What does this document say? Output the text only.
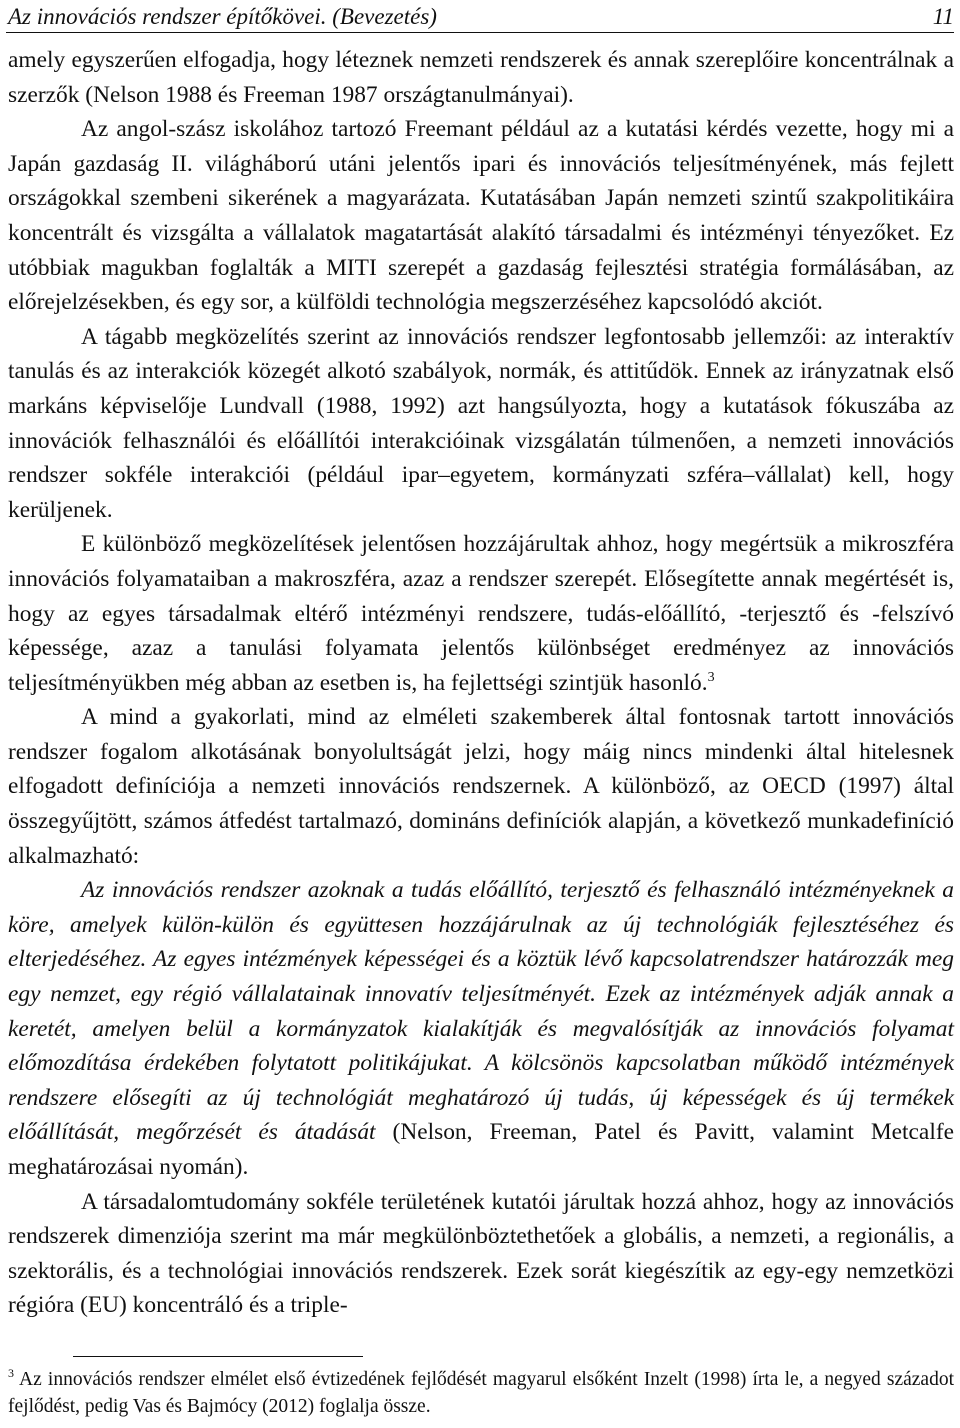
Az innovációs rendszer építőkövei. (Bevezetés)	11

amely egyszerűen elfogadja, hogy léteznek nemzeti rendszerek és annak szereplőire koncentrálnak a szerzők (Nelson 1988 és Freeman 1987 országtanulmányai).

Az angol-szász iskolához tartozó Freemant például az a kutatási kérdés vezette, hogy mi a Japán gazdaság II. világháború utáni jelentős ipari és innovációs teljesítményének, más fejlett országokkal szembeni sikerének a magyarázata. Kutatásában Japán nemzeti szintű szakpolitikáira koncentrált és vizsgálta a vállalatok magatartását alakító társadalmi és intézményi tényezőket. Ez utóbbiak magukban foglalták a MITI szerepét a gazdaság fejlesztési stratégia formálásában, az előrejelzésekben, és egy sor, a külföldi technológia megszerzéséhez kapcsolódó akciót.

A tágabb megközelítés szerint az innovációs rendszer legfontosabb jellemzői: az interaktív tanulás és az interakciók közegét alkotó szabályok, normák, és attitűdök. Ennek az irányzatnak első markáns képviselője Lundvall (1988, 1992) azt hangsúlyozta, hogy a kutatások fókuszába az innovációk felhasználói és előállítói interakcióinak vizsgálatán túlmenően, a nemzeti innovációs rendszer sokféle interakciói (például ipar–egyetem, kormányzati szféra–vállalat) kell, hogy kerüljenek.

E különböző megközelítések jelentősen hozzájárultak ahhoz, hogy megértsük a mikroszféra innovációs folyamataiban a makroszféra, azaz a rendszer szerepét. Elősegítette annak megértését is, hogy az egyes társadalmak eltérő intézményi rendszere, tudás-előállító, -terjesztő és -felszívó képessége, azaz a tanulási folyamata jelentős különbséget eredményez az innovációs teljesítményükben még abban az esetben is, ha fejlettségi szintjük hasonló.$^3$

A mind a gyakorlati, mind az elméleti szakemberek által fontosnak tartott innovációs rendszer fogalom alkotásának bonyolultságát jelzi, hogy máig nincs mindenki által hitelesnek elfogadott definíciója a nemzeti innovációs rendszernek. A különböző, az OECD (1997) által összegyűjtött, számos átfedést tartalmazó, domináns definíciók alapján, a következő munkadefiníció alkalmazható:

Az innovációs rendszer azoknak a tudás előállító, terjesztő és felhasználó intézményeknek a köre, amelyek külön-külön és együttesen hozzájárulnak az új technológiák fejlesztéséhez és elterjedéséhez. Az egyes intézmények képességei és a köztük lévő kapcsolatrendszer határozzák meg egy nemzet, egy régió vállalatainak innovatív teljesítményét. Ezek az intézmények adják annak a keretét, amelyen belül a kormányzatok kialakítják és megvalósítják az innovációs folyamat előmozdítása érdekében folytatott politikájukat. A kölcsönös kapcsolatban működő intézmények rendszere elősegíti az új technológiát meghatározó új tudás, új képességek és új termékek előállítását, megőrzését és átadását (Nelson, Freeman, Patel és Pavitt, valamint Metcalfe meghatározásai nyomán).

A társadalomtudomány sokféle területének kutatói járultak hozzá ahhoz, hogy az innovációs rendszerek dimenziója szerint ma már megkülönböztethetőek a globális, a nemzeti, a regionális, a szektorális, és a technológiai innovációs rendszerek. Ezek sorát kiegészítik az egy-egy nemzetközi régióra (EU) koncentráló és a triple-

$^3$ Az innovációs rendszer elmélet első évtizedének fejlődését magyarul elsőként Inzelt (1998) írta le, a negyed századot fejlődést, pedig Vas és Bajmócy (2012) foglalja össze.
